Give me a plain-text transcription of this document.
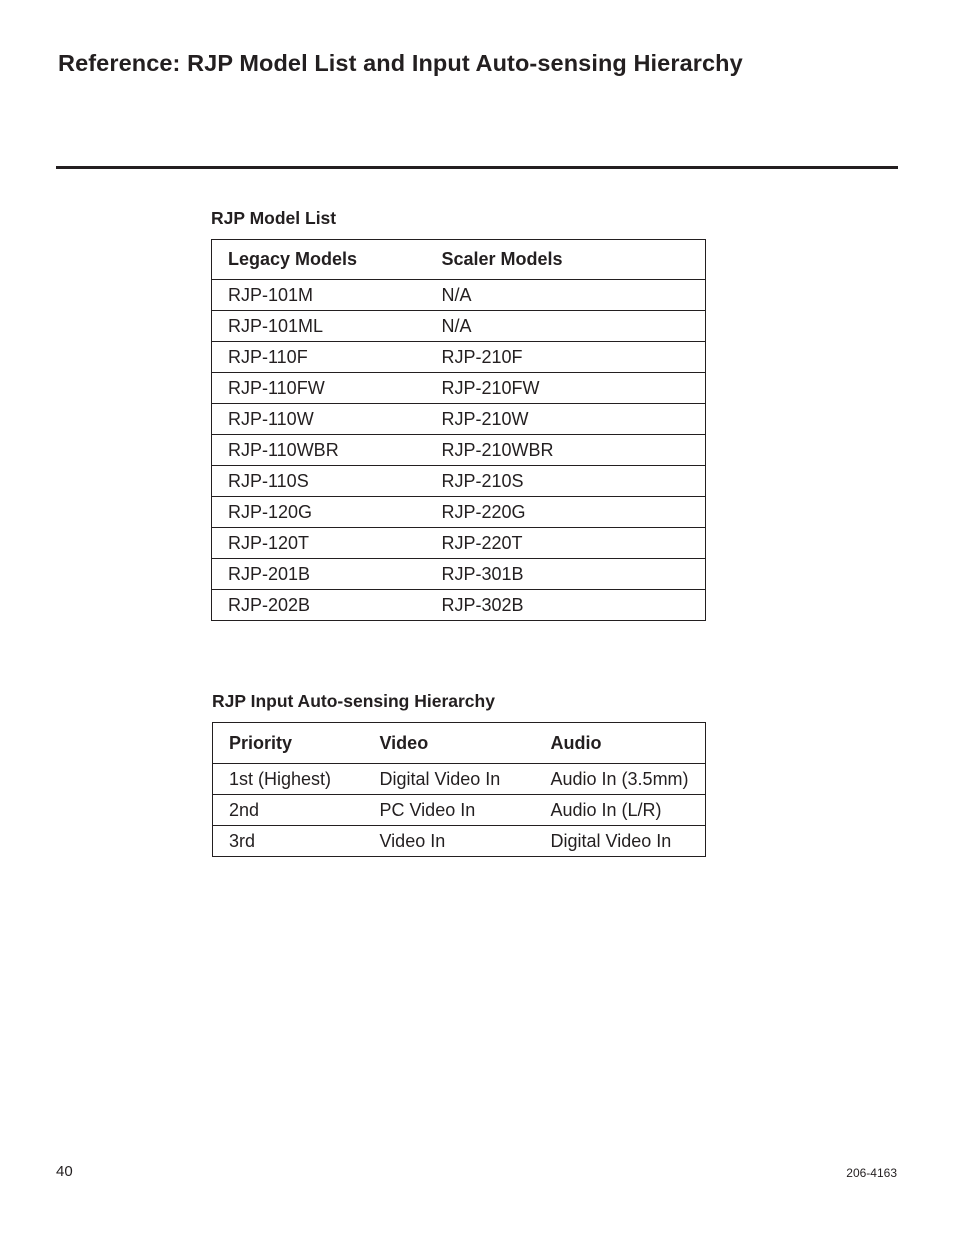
Reference: RJP Model List and Input Auto-sensing Hierarchy
RJP Model List
Legacy Models	Scaler Models
RJP-101M	N/A
RJP-101ML	N/A
RJP-110F	RJP-210F
RJP-110FW	RJP-210FW
RJP-110W	RJP-210W
RJP-110WBR	RJP-210WBR
RJP-110S	RJP-210S
RJP-120G	RJP-220G
RJP-120T	RJP-220T
RJP-201B	RJP-301B
RJP-202B	RJP-302B
RJP Input Auto-sensing Hierarchy
Priority	Video	Audio
1st (Highest)	Digital Video In	Audio In (3.5mm)
2nd	PC Video In	Audio In (L/R)
3rd	Video In	Digital Video In
40	206-4163
